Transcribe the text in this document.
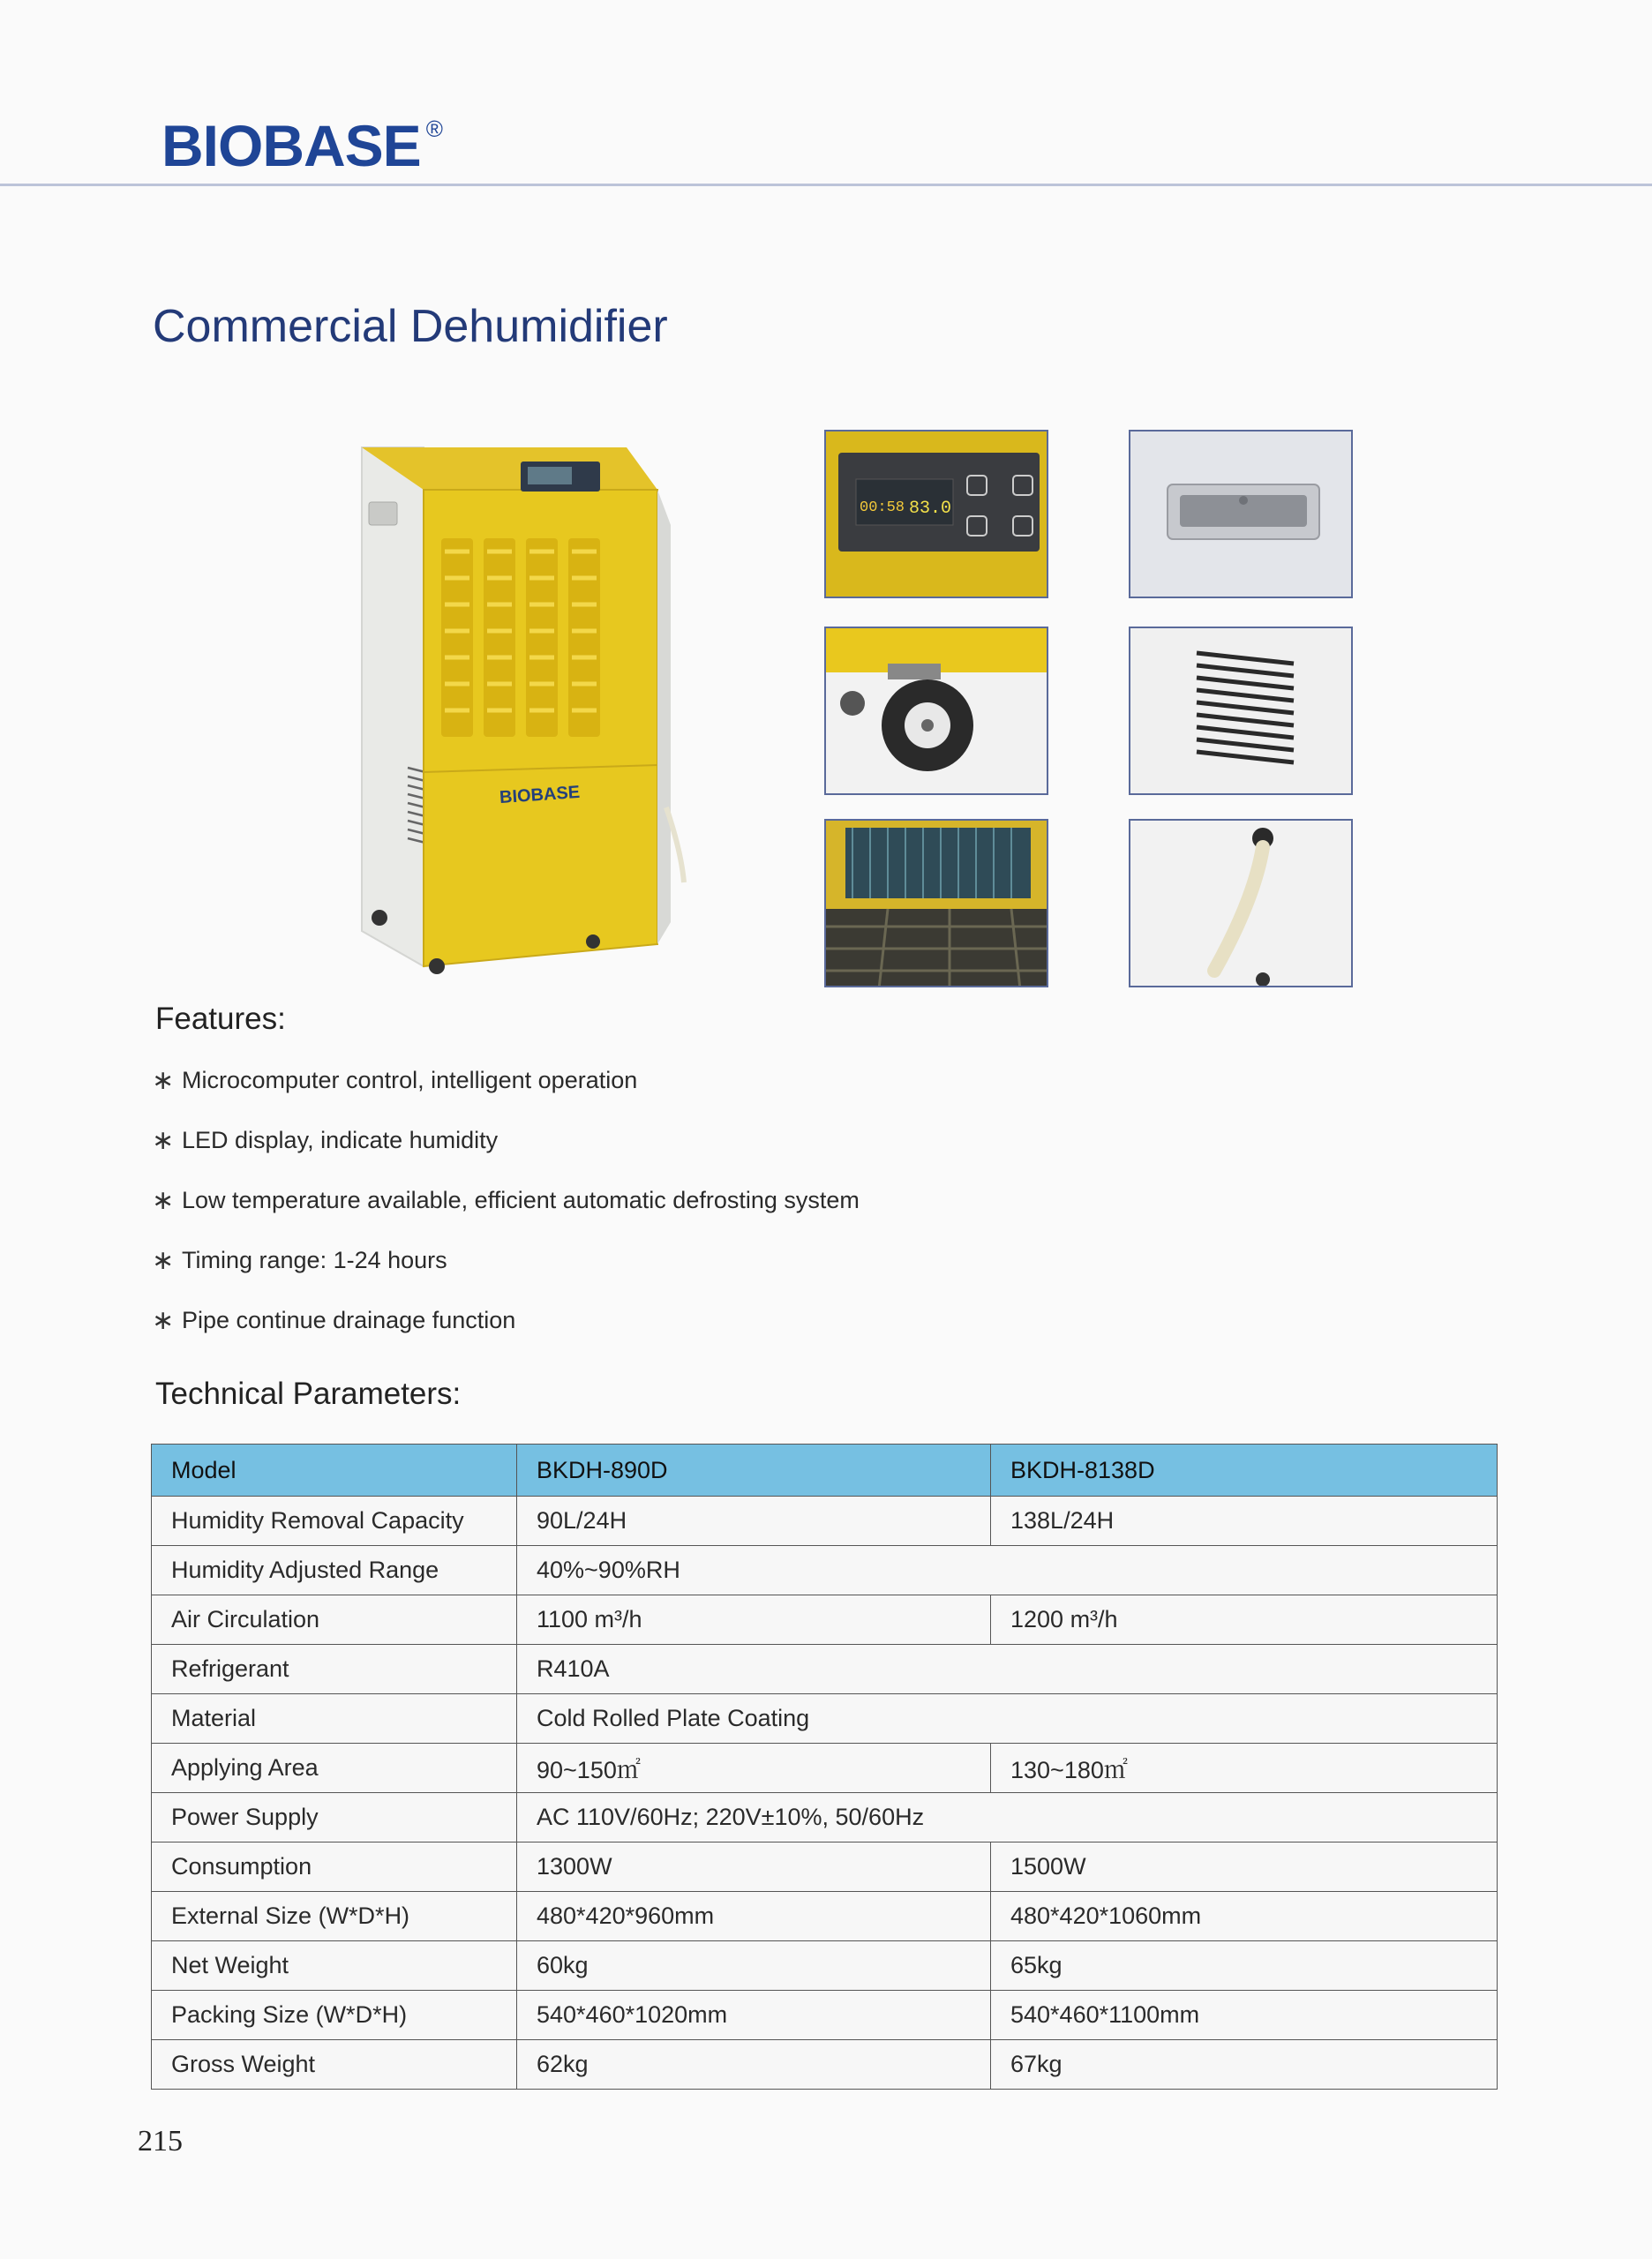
BIOBASE ®
Commercial Dehumidifier
BIOBASE
00:58 83.0
Features:
∗ Microcomputer control, intelligent operation
∗ LED display, indicate humidity
∗ Low temperature available, efficient automatic defrosting system
∗ Timing range: 1-24 hours
∗ Pipe continue drainage function
Technical Parameters:
Model	BKDH-890D	BKDH-8138D
Humidity Removal Capacity	90L/24H	138L/24H
Humidity Adjusted Range	40%~90%RH	
Air Circulation	1100 m³/h	1200 m³/h
Refrigerant	R410A	
Material	Cold Rolled Plate Coating	
Applying Area	90~150㎡	130~180㎡
Power Supply	AC 110V/60Hz; 220V±10%, 50/60Hz	
Consumption	1300W	1500W
External Size (W*D*H)	480*420*960mm	480*420*1060mm
Net Weight	60kg	65kg
Packing Size (W*D*H)	540*460*1020mm	540*460*1100mm
Gross Weight	62kg	67kg

215
